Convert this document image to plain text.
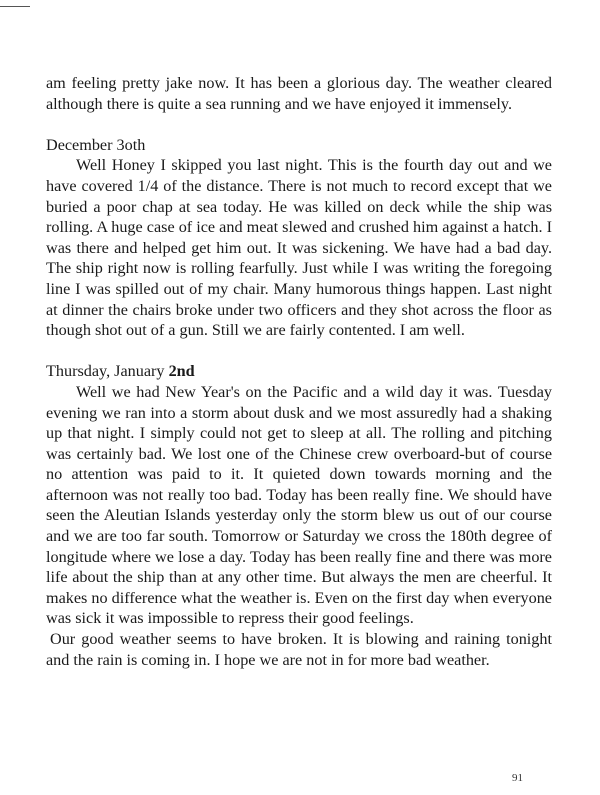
am feeling pretty jake now. It has been a glorious day. The weather cleared although there is quite a sea running and we have enjoyed it immensely.

December 3oth

Well Honey I skipped you last night. This is the fourth day out and we have covered 1/4 of the distance. There is not much to record except that we buried a poor chap at sea today. He was killed on deck while the ship was rolling. A huge case of ice and meat slewed and crushed him against a hatch. I was there and helped get him out. It was sickening. We have had a bad day. The ship right now is rolling fearfully. Just while I was writing the foregoing line I was spilled out of my chair. Many humorous things happen. Last night at dinner the chairs broke under two officers and they shot across the floor as though shot out of a gun. Still we are fairly contented. I am well.

Thursday, January 2nd

Well we had New Year's on the Pacific and a wild day it was. Tuesday evening we ran into a storm about dusk and we most assuredly had a shaking up that night. I simply could not get to sleep at all. The rolling and pitching was certainly bad. We lost one of the Chinese crew overboard-but of course no attention was paid to it. It quieted down towards morning and the afternoon was not really too bad. Today has been really fine. We should have seen the Aleutian Islands yesterday only the storm blew us out of our course and we are too far south. Tomorrow or Saturday we cross the 180th degree of longitude where we lose a day. Today has been really fine and there was more life about the ship than at any other time. But always the men are cheerful. It makes no difference what the weather is. Even on the first day when everyone was sick it was impossible to repress their good feelings.

Our good weather seems to have broken. It is blowing and raining tonight and the rain is coming in. I hope we are not in for more bad weather.

91
